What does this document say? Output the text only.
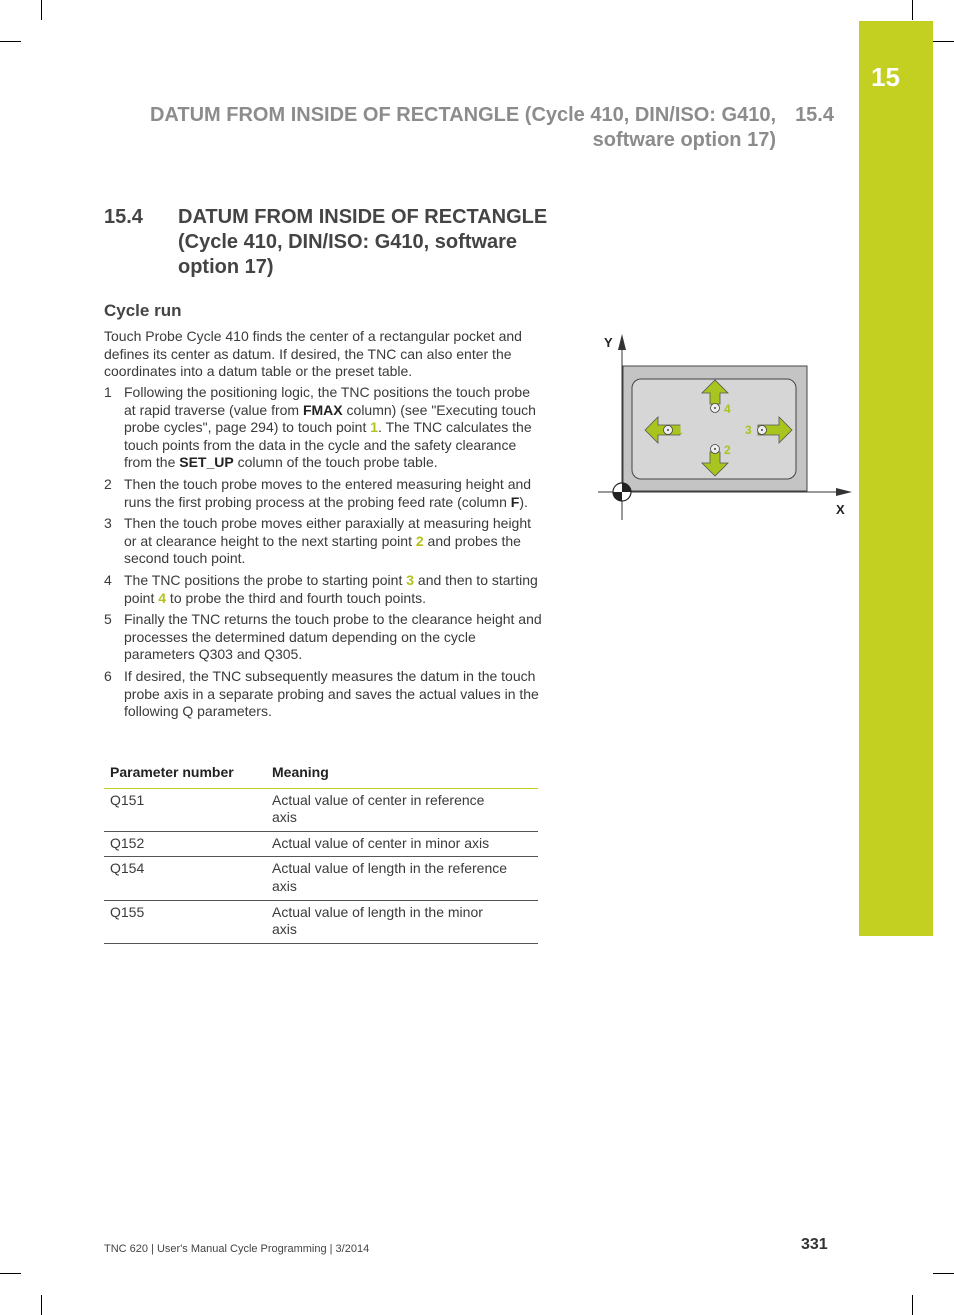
15
DATUM FROM INSIDE OF RECTANGLE (Cycle 410, DIN/ISO: G410,
software option 17)
15.4
15.4 DATUM FROM INSIDE OF RECTANGLE
(Cycle 410, DIN/ISO: G410, software
option 17)
Cycle run
Touch Probe Cycle 410 finds the center of a rectangular pocket and defines its center as datum. If desired, the TNC can also enter the coordinates into a datum table or the preset table.
1 Following the positioning logic, the TNC positions the touch probe at rapid traverse (value from FMAX column) (see "Executing touch probe cycles", page 294) to touch point 1. The TNC calculates the touch points from the data in the cycle and the safety clearance from the SET_UP column of the touch probe table.
2 Then the touch probe moves to the entered measuring height and runs the first probing process at the probing feed rate (column F).
3 Then the touch probe moves either paraxially at measuring height or at clearance height to the next starting point 2 and probes the second touch point.
4 The TNC positions the probe to starting point 3 and then to starting point 4 to probe the third and fourth touch points.
5 Finally the TNC returns the touch probe to the clearance height and processes the determined datum depending on the cycle parameters Q303 and Q305.
6 If desired, the TNC subsequently measures the datum in the touch probe axis in a separate probing and saves the actual values in the following Q parameters.
Parameter number	Meaning
Q151	Actual value of center in reference axis
Q152	Actual value of center in minor axis
Q154	Actual value of length in the reference axis
Q155	Actual value of length in the minor axis
Y
X
1
2
3
4
TNC 620 | User's Manual Cycle Programming | 3/2014	331
